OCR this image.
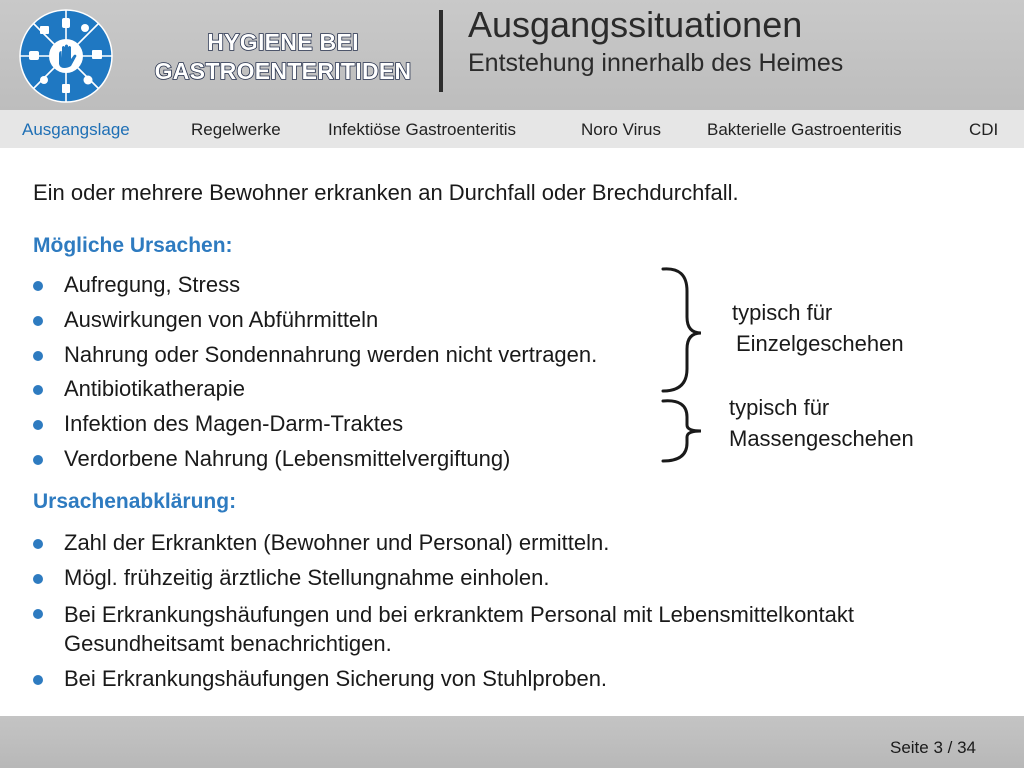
HYGIENE BEI
GASTROENTERITIDEN
Ausgangssituationen
Entstehung innerhalb des Heimes
Ausgangslage	Regelwerke	Infektiöse Gastroenteritis	Noro Virus	Bakterielle Gastroenteritis	CDI
Ein oder mehrere Bewohner erkranken an Durchfall oder Brechdurchfall.
Mögliche Ursachen:
Aufregung, Stress
Auswirkungen von Abführmitteln
Nahrung oder Sondennahrung werden nicht vertragen.
Antibiotikatherapie
Infektion des Magen-Darm-Traktes
Verdorbene Nahrung (Lebensmittelvergiftung)
typisch für
Einzelgeschehen
typisch für
Massengeschehen
Ursachenabklärung:
Zahl der Erkrankten (Bewohner und Personal) ermitteln.
Mögl. frühzeitig ärztliche Stellungnahme einholen.
Bei Erkrankungshäufungen und bei erkranktem Personal mit Lebensmittelkontakt Gesundheitsamt benachrichtigen.
Bei Erkrankungshäufungen Sicherung von Stuhlproben.
Seite 3 / 34
